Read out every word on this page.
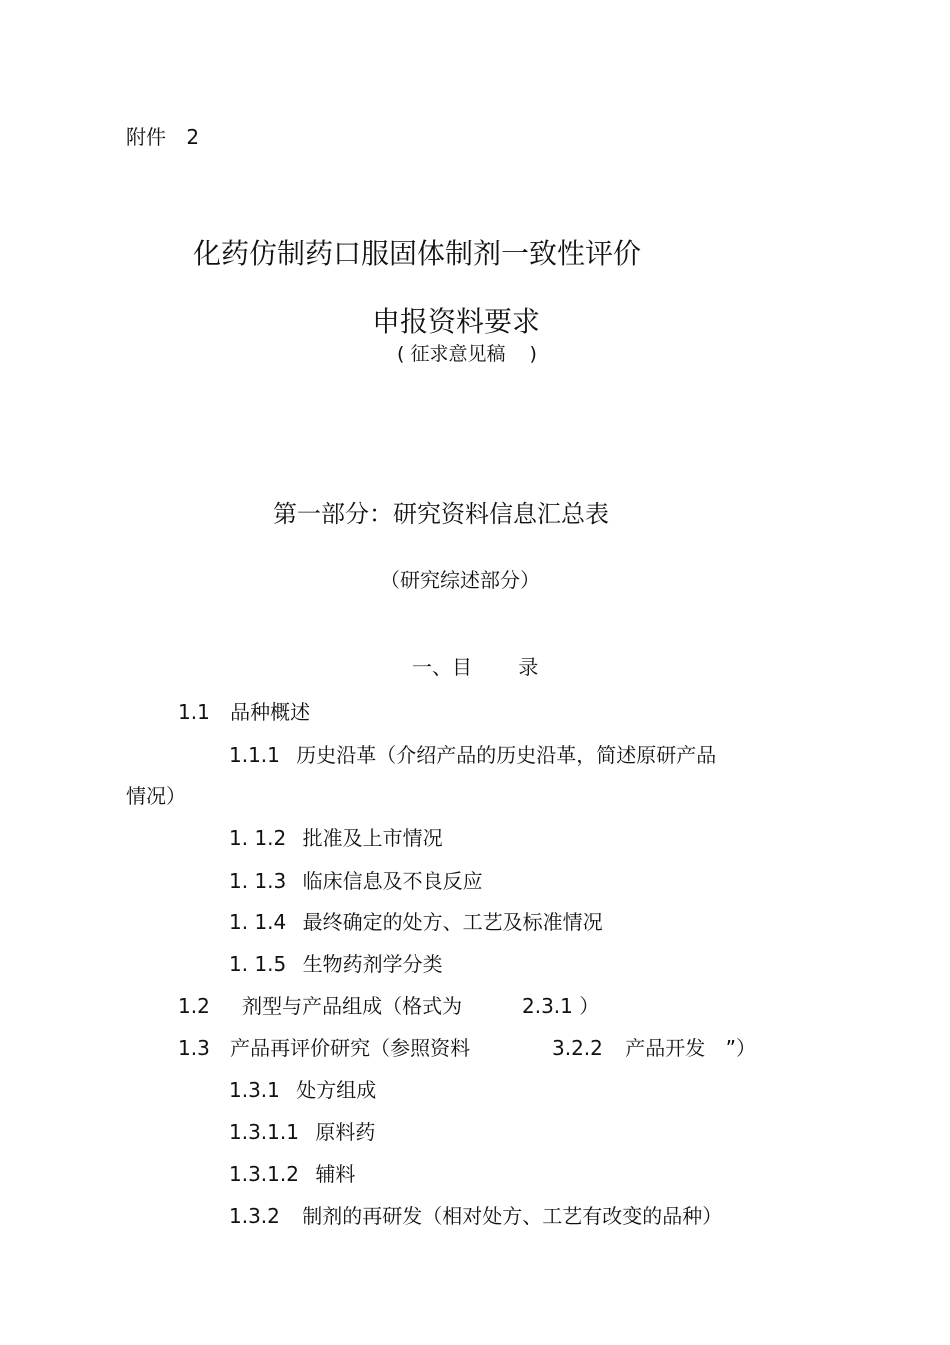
附件 2
化药仿制药口服固体制剂一致性评价
申报资料要求
( 征求意见稿 )
第一部分：研究资料信息汇总表
（研究综述部分）
一、目 录
1.1 品种概述
1.1.1 历史沿革（介绍产品的历史沿革，简述原研产品
情况）
1. 1.2 批准及上市情况
1. 1.3 临床信息及不良反应
1. 1.4 最终确定的处方、工艺及标准情况
1. 1.5 生物药剂学分类
1.2 剂型与产品组成（格式为	2.3.1 ）
1.3 产品再评价研究（参照资料	3.2.2 产品开发 ”）
1.3.1 处方组成
1.3.1.1 原料药
1.3.1.2 辅料
1.3.2 制剂的再研发（相对处方、工艺有改变的品种）
